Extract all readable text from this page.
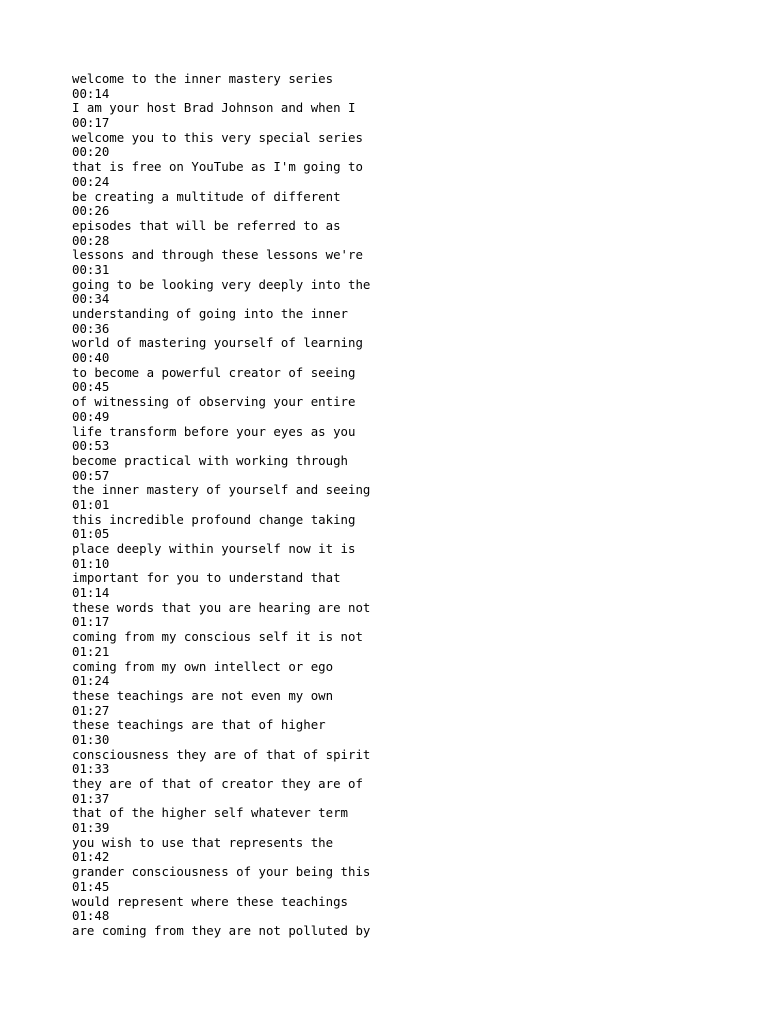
welcome to the inner mastery series
00:14
I am your host Brad Johnson and when I
00:17
welcome you to this very special series
00:20
that is free on YouTube as I'm going to
00:24
be creating a multitude of different
00:26
episodes that will be referred to as
00:28
lessons and through these lessons we're
00:31
going to be looking very deeply into the
00:34
understanding of going into the inner
00:36
world of mastering yourself of learning
00:40
to become a powerful creator of seeing
00:45
of witnessing of observing your entire
00:49
life transform before your eyes as you
00:53
become practical with working through
00:57
the inner mastery of yourself and seeing
01:01
this incredible profound change taking
01:05
place deeply within yourself now it is
01:10
important for you to understand that
01:14
these words that you are hearing are not
01:17
coming from my conscious self it is not
01:21
coming from my own intellect or ego
01:24
these teachings are not even my own
01:27
these teachings are that of higher
01:30
consciousness they are of that of spirit
01:33
they are of that of creator they are of
01:37
that of the higher self whatever term
01:39
you wish to use that represents the
01:42
grander consciousness of your being this
01:45
would represent where these teachings
01:48
are coming from they are not polluted by
